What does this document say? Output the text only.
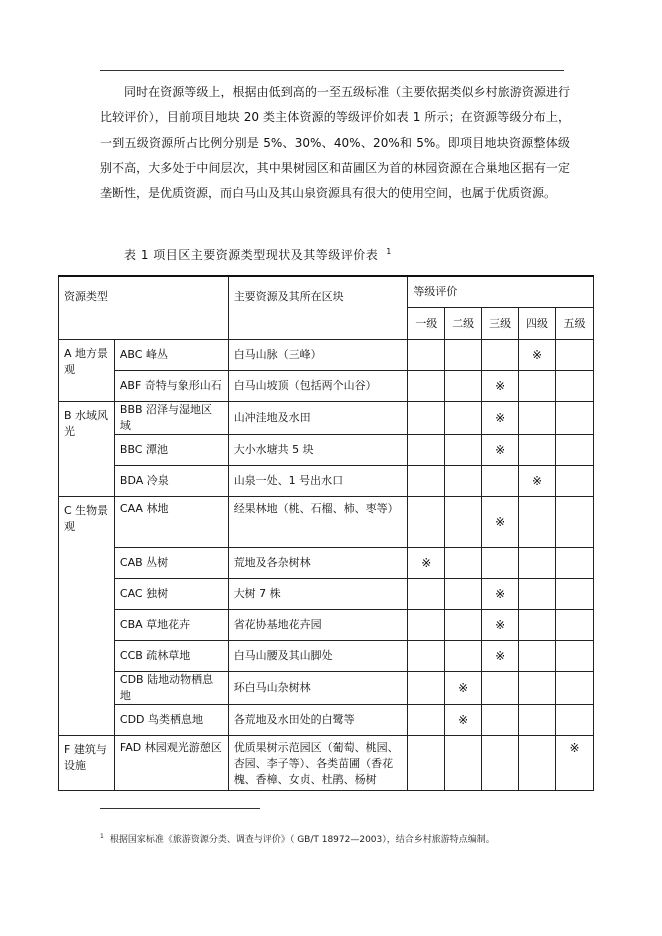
同时在资源等级上，根据由低到高的一至五级标准（主要依据类似乡村旅游资源进行比较评价），目前项目地块 20 类主体资源的等级评价如表 1 所示；在资源等级分布上，一到五级资源所占比例分别是 5%、30%、40%、20%和 5%。即项目地块资源整体级别不高，大多处于中间层次，其中果树园区和苗圃区为首的林园资源在合巢地区据有一定垄断性，是优质资源，而白马山及其山泉资源具有很大的使用空间，也属于优质资源。

表 1 项目区主要资源类型现状及其等级评价表 $^1$
资源类型		主要资源及其所在区块	等级评价				
			一级	二级	三级	四级	五级
A 地方景观	ABC 峰丛	白马山脉（三峰）				※	
	ABF 奇特与象形山石	白马山坡顶（包括两个山谷）			※		
B 水域风光	BBB 沼泽与湿地区域	山冲洼地及水田			※		
	BBC 潭池	大小水塘共 5 块			※		
	BDA 冷泉	山泉一处、1 号出水口				※	
C 生物景观	CAA 林地	经果林地（桃、石榴、柿、枣等）			※		
	CAB 丛树	荒地及各杂树林	※				
	CAC 独树	大树 7 株			※		
	CBA 草地花卉	省花协基地花卉园			※		
	CCB 疏林草地	白马山腰及其山脚处			※		
	CDB 陆地动物栖息地	环白马山杂树林		※			
	CDD 鸟类栖息地	各荒地及水田处的白鹭等		※			
F 建筑与设施	FAD 林园观光游憩区	优质果树示范园区（葡萄、桃园、杏园、李子等）、各类苗圃（香花槐、香樟、女贞、杜鹃、杨树					※
$^1$ 根据国家标准《旅游资源分类、调查与评价》（ GB/T 18972—2003），结合乡村旅游特点编制。
